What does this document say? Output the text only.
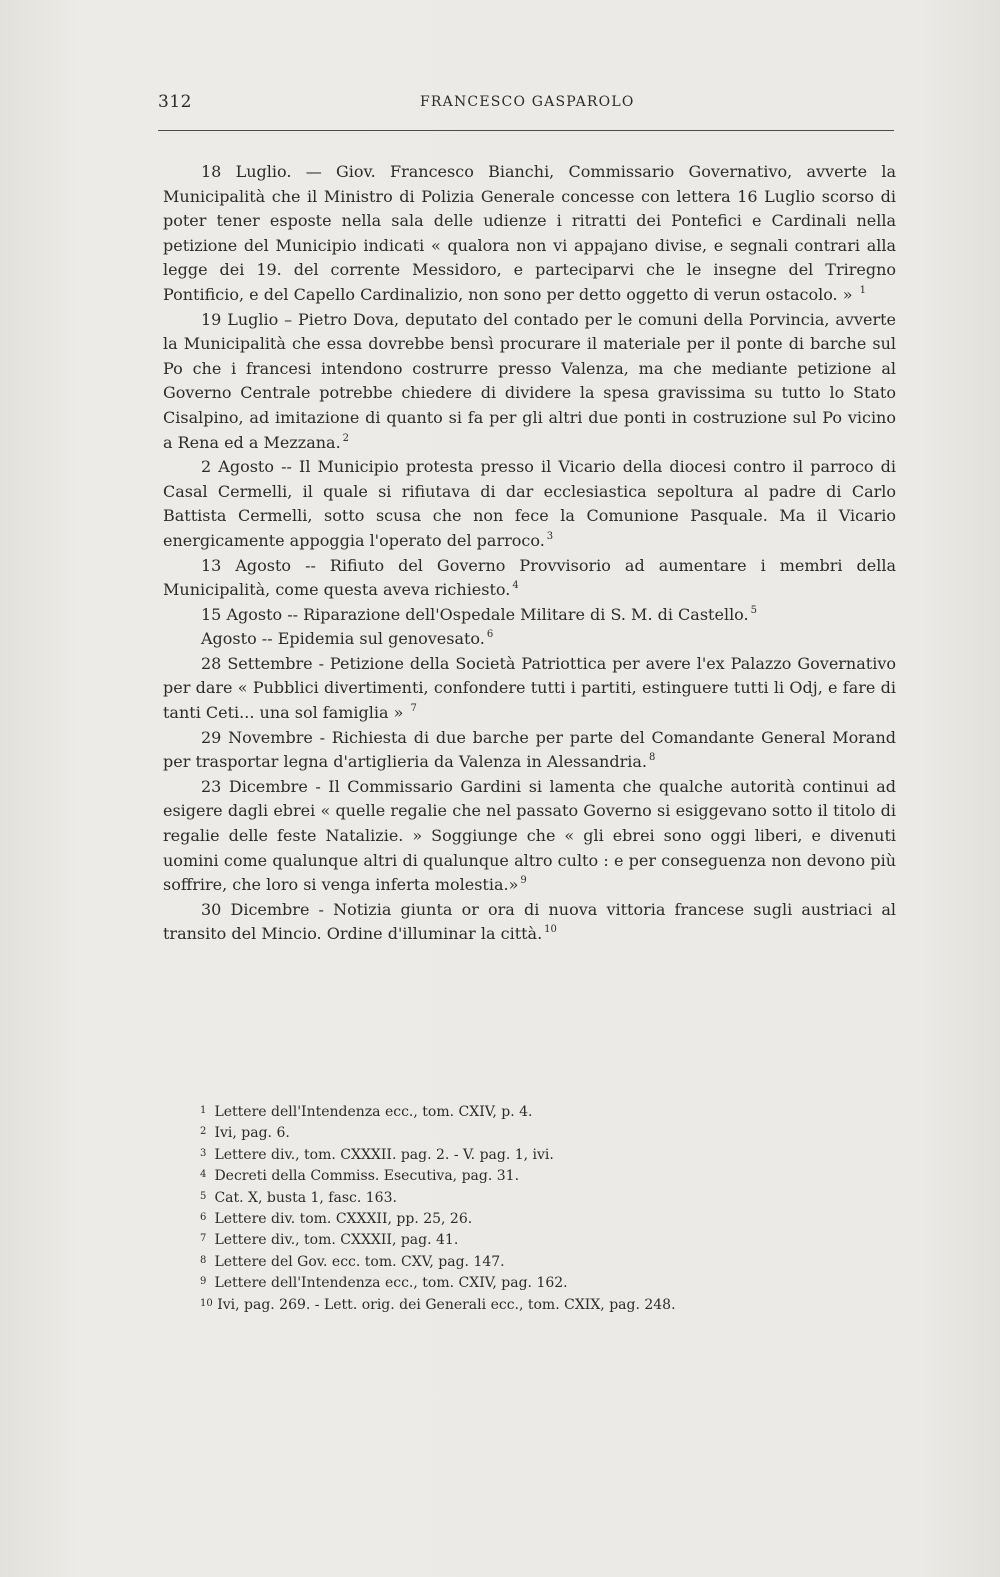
312	FRANCESCO GASPAROLO

18 Luglio. — Giov. Francesco Bianchi, Commissario Governativo, avverte la Municipalità che il Ministro di Polizia Generale concesse con lettera 16 Luglio scorso di poter tener esposte nella sala delle udienze i ritratti dei Pontefici e Cardinali nella petizione del Municipio indicati « qualora non vi appajano divise, e segnali contrari alla legge dei 19. del corrente Messidoro, e parteciparvi che le insegne del Triregno Pontificio, e del Capello Cardinalizio, non sono per detto oggetto di verun ostacolo. » $^1$

19 Luglio – Pietro Dova, deputato del contado per le comuni della Porvincia, avverte la Municipalità che essa dovrebbe bensì procurare il materiale per il ponte di barche sul Po che i francesi intendono costrurre presso Valenza, ma che mediante petizione al Governo Centrale potrebbe chiedere di dividere la spesa gravissima su tutto lo Stato Cisalpino, ad imitazione di quanto si fa per gli altri due ponti in costruzione sul Po vicino a Rena ed a Mezzana. $^2$

2 Agosto -- Il Municipio protesta presso il Vicario della diocesi contro il parroco di Casal Cermelli, il quale si rifiutava di dar ecclesiastica sepoltura al padre di Carlo Battista Cermelli, sotto scusa che non fece la Comunione Pasquale. Ma il Vicario energicamente appoggia l'operato del parroco. $^3$

13 Agosto -- Rifiuto del Governo Provvisorio ad aumentare i membri della Municipalità, come questa aveva richiesto. $^4$

15 Agosto -- Riparazione dell'Ospedale Militare di S. M. di Castello. $^5$

Agosto -- Epidemia sul genovesato. $^6$

28 Settembre - Petizione della Società Patriottica per avere l'ex Palazzo Governativo per dare « Pubblici divertimenti, confondere tutti i partiti, estinguere tutti li Odj, e fare di tanti Ceti... una sol famiglia » $^7$

29 Novembre - Richiesta di due barche per parte del Comandante General Morand per trasportar legna d'artiglieria da Valenza in Alessandria. $^8$

23 Dicembre - Il Commissario Gardini si lamenta che qualche autorità continui ad esigere dagli ebrei « quelle regalie che nel passato Governo si esiggevano sotto il titolo di regalie delle feste Natalizie. » Soggiunge che « gli ebrei sono oggi liberi, e divenuti uomini come qualunque altri di qualunque altro culto : e per conseguenza non devono più soffrire, che loro si venga inferta molestia.» $^9$

30 Dicembre - Notizia giunta or ora di nuova vittoria francese sugli austriaci al transito del Mincio. Ordine d'illuminar la città. $^{10}$

1 Lettere dell'Intendenza ecc., tom. CXIV, p. 4.
2 Ivi, pag. 6.
3 Lettere div., tom. CXXXII. pag. 2. - V. pag. 1, ivi.
4 Decreti della Commiss. Esecutiva, pag. 31.
5 Cat. X, busta 1, fasc. 163.
6 Lettere div. tom. CXXXII, pp. 25, 26.
7 Lettere div., tom. CXXXII, pag. 41.
8 Lettere del Gov. ecc. tom. CXV, pag. 147.
9 Lettere dell'Intendenza ecc., tom. CXIV, pag. 162.
10 Ivi, pag. 269. - Lett. orig. dei Generali ecc., tom. CXIX, pag. 248.
